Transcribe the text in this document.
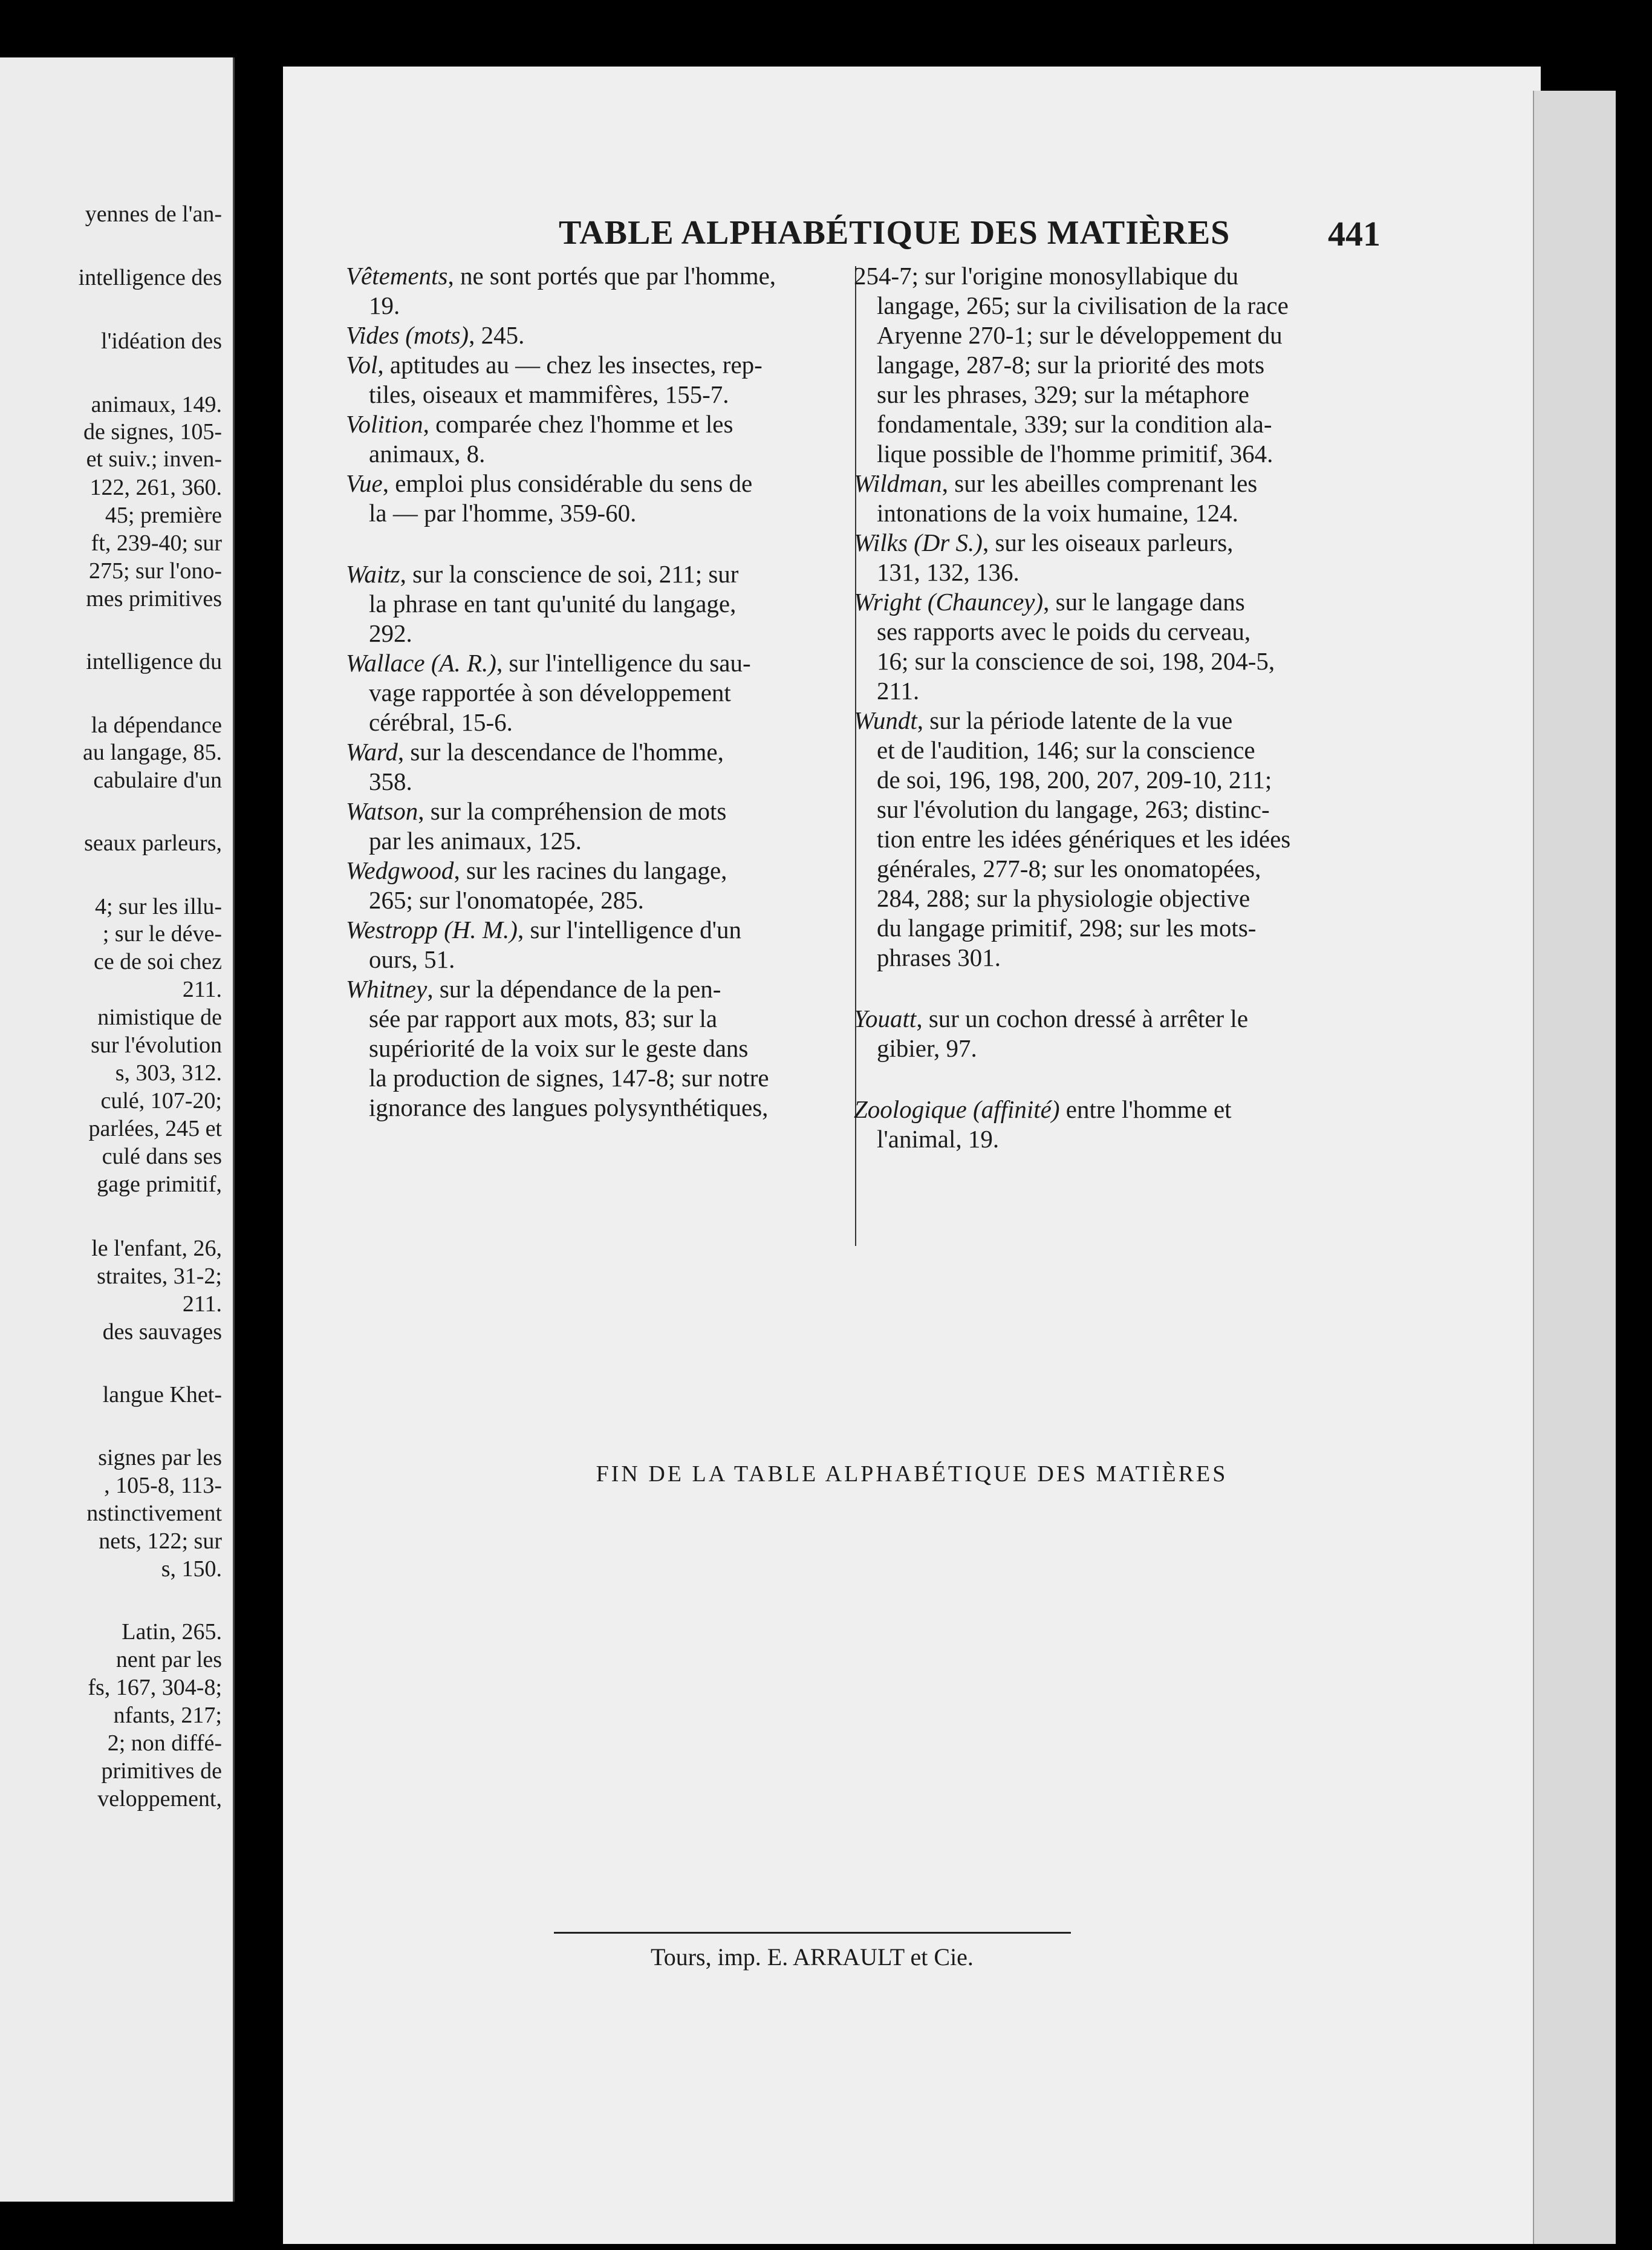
yennes de l'an-
intelligence des
l'idéation des
animaux, 149.
de signes, 105-
et suiv.; inven-
122, 261, 360.
45; première
ft, 239-40; sur
275; sur l'ono-
mes primitives
intelligence du
la dépendance
au langage, 85.
cabulaire d'un
seaux parleurs,
4; sur les illu-
; sur le déve-
ce de soi chez
211.
nimistique de
sur l'évolution
s, 303, 312.
culé, 107-20;
parlées, 245 et
culé dans ses
gage primitif,
le l'enfant, 26,
straites, 31-2;
211.
des sauvages
langue Khet-
signes par les
, 105-8, 113-
nstinctivement
nets, 122; sur
s, 150.
Latin, 265.
nent par les
fs, 167, 304-8;
nfants, 217;
2; non diffé-
primitives de
veloppement,
TABLE ALPHABÉTIQUE DES MATIÈRES	441
Vêtements, ne sont portés que par l'homme,
19.
Vides (mots), 245.
Vol, aptitudes au — chez les insectes, rep-
tiles, oiseaux et mammifères, 155-7.
Volition, comparée chez l'homme et les
animaux, 8.
Vue, emploi plus considérable du sens de
la — par l'homme, 359-60.
Waitz, sur la conscience de soi, 211; sur
la phrase en tant qu'unité du langage,
292.
Wallace (A. R.), sur l'intelligence du sau-
vage rapportée à son développement
cérébral, 15-6.
Ward, sur la descendance de l'homme,
358.
Watson, sur la compréhension de mots
par les animaux, 125.
Wedgwood, sur les racines du langage,
265; sur l'onomatopée, 285.
Westropp (H. M.), sur l'intelligence d'un
ours, 51.
Whitney, sur la dépendance de la pen-
sée par rapport aux mots, 83; sur la
supériorité de la voix sur le geste dans
la production de signes, 147-8; sur notre
ignorance des langues polysynthétiques,
254-7; sur l'origine monosyllabique du
langage, 265; sur la civilisation de la race
Aryenne 270-1; sur le développement du
langage, 287-8; sur la priorité des mots
sur les phrases, 329; sur la métaphore
fondamentale, 339; sur la condition ala-
lique possible de l'homme primitif, 364.
Wildman, sur les abeilles comprenant les
intonations de la voix humaine, 124.
Wilks (Dr S.), sur les oiseaux parleurs,
131, 132, 136.
Wright (Chauncey), sur le langage dans
ses rapports avec le poids du cerveau,
16; sur la conscience de soi, 198, 204-5,
211.
Wundt, sur la période latente de la vue
et de l'audition, 146; sur la conscience
de soi, 196, 198, 200, 207, 209-10, 211;
sur l'évolution du langage, 263; distinc-
tion entre les idées génériques et les idées
générales, 277-8; sur les onomatopées,
284, 288; sur la physiologie objective
du langage primitif, 298; sur les mots-
phrases 301.
Youatt, sur un cochon dressé à arrêter le
gibier, 97.
Zoologique (affinité) entre l'homme et
l'animal, 19.
FIN DE LA TABLE ALPHABÉTIQUE DES MATIÈRES
Tours, imp. E. ARRAULT et Cie.
